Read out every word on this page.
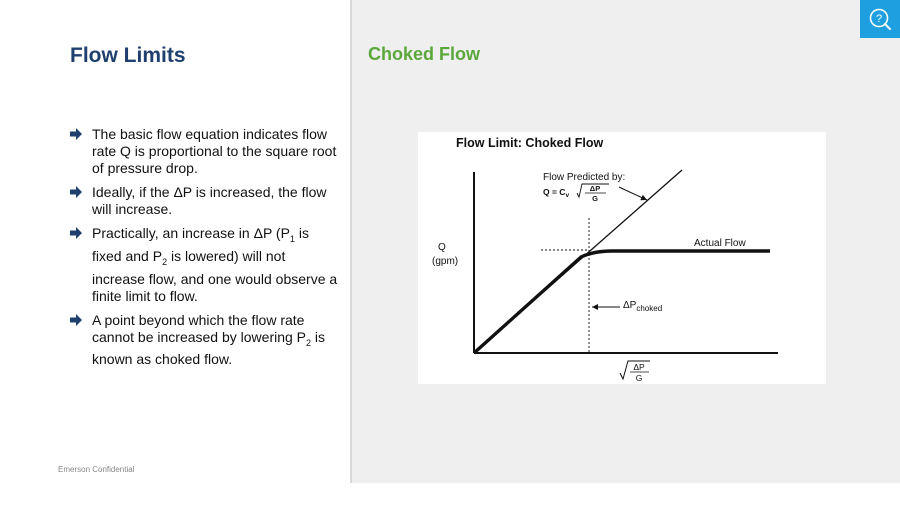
Flow Limits	Choked Flow
The basic flow equation indicates flow rate Q is proportional to the square root of pressure drop.
Ideally, if the ΔP is increased, the flow will increase.
Practically, an increase in ΔP ($P_1$ is fixed and $P_2$ is lowered) will not increase flow, and one would observe a finite limit to flow.
A point beyond which the flow rate cannot be increased by lowering $P_2$ is known as choked flow.
Emerson Confidential
?
Flow Limit: Choked Flow
Flow Predicted by:
$Q = C_v$
ΔP
G
Actual Flow
Q
(gpm)
$\Delta P_{choked}$
ΔP
G
